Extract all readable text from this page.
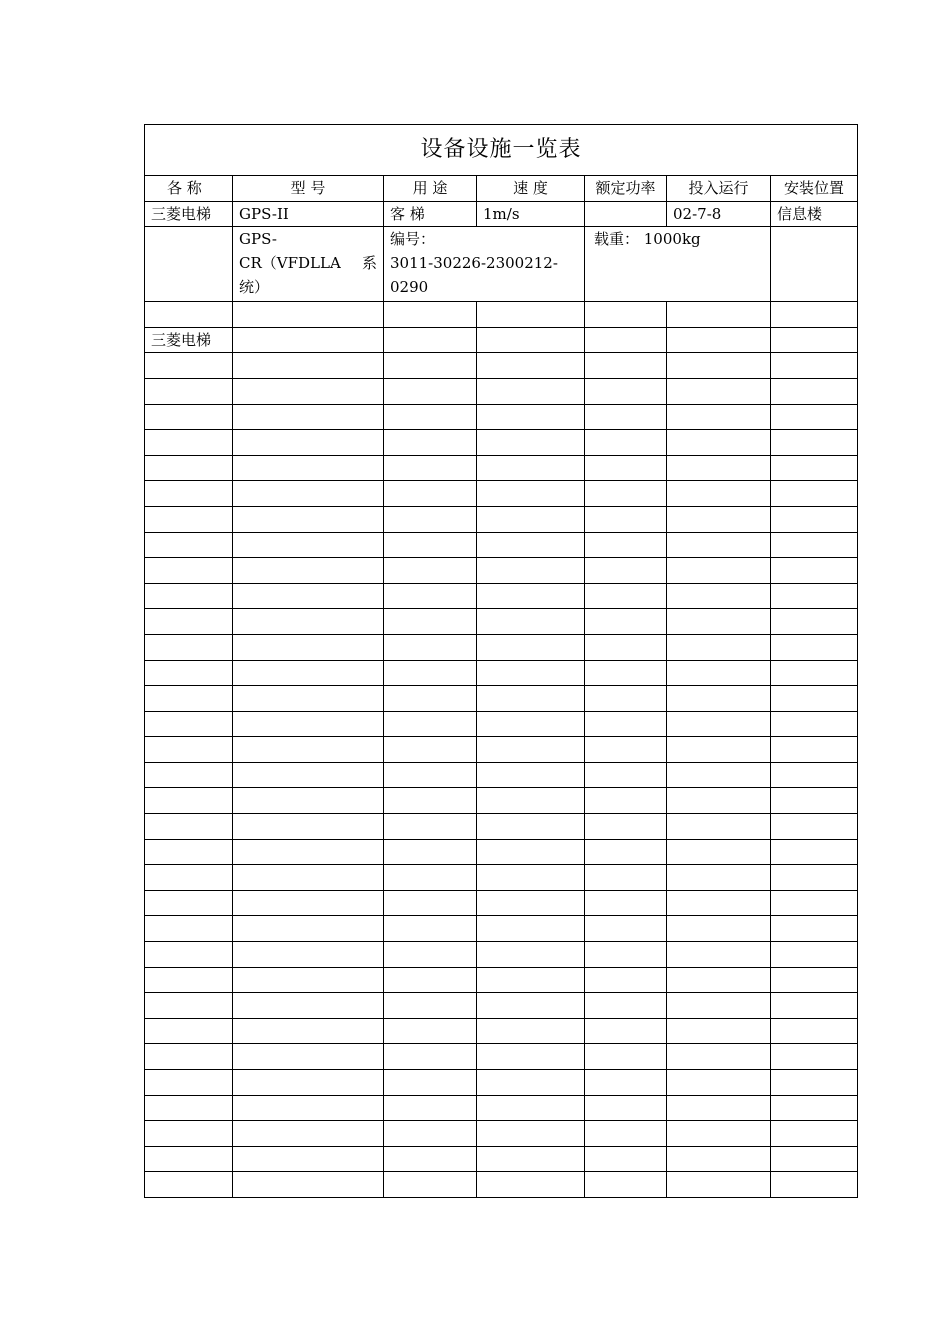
设备设施一览表						

各 称	型 号	用 途	速 度	额定功率	投入运行	安装位置
三菱电梯	GPS-II	客 梯	1m/s		02-7-8	信息楼

	GPS-
CR（VFDLLA 系
统）	编号：
3011-30226-2300212-
0290		载重： 1000kg		

三菱电梯						
